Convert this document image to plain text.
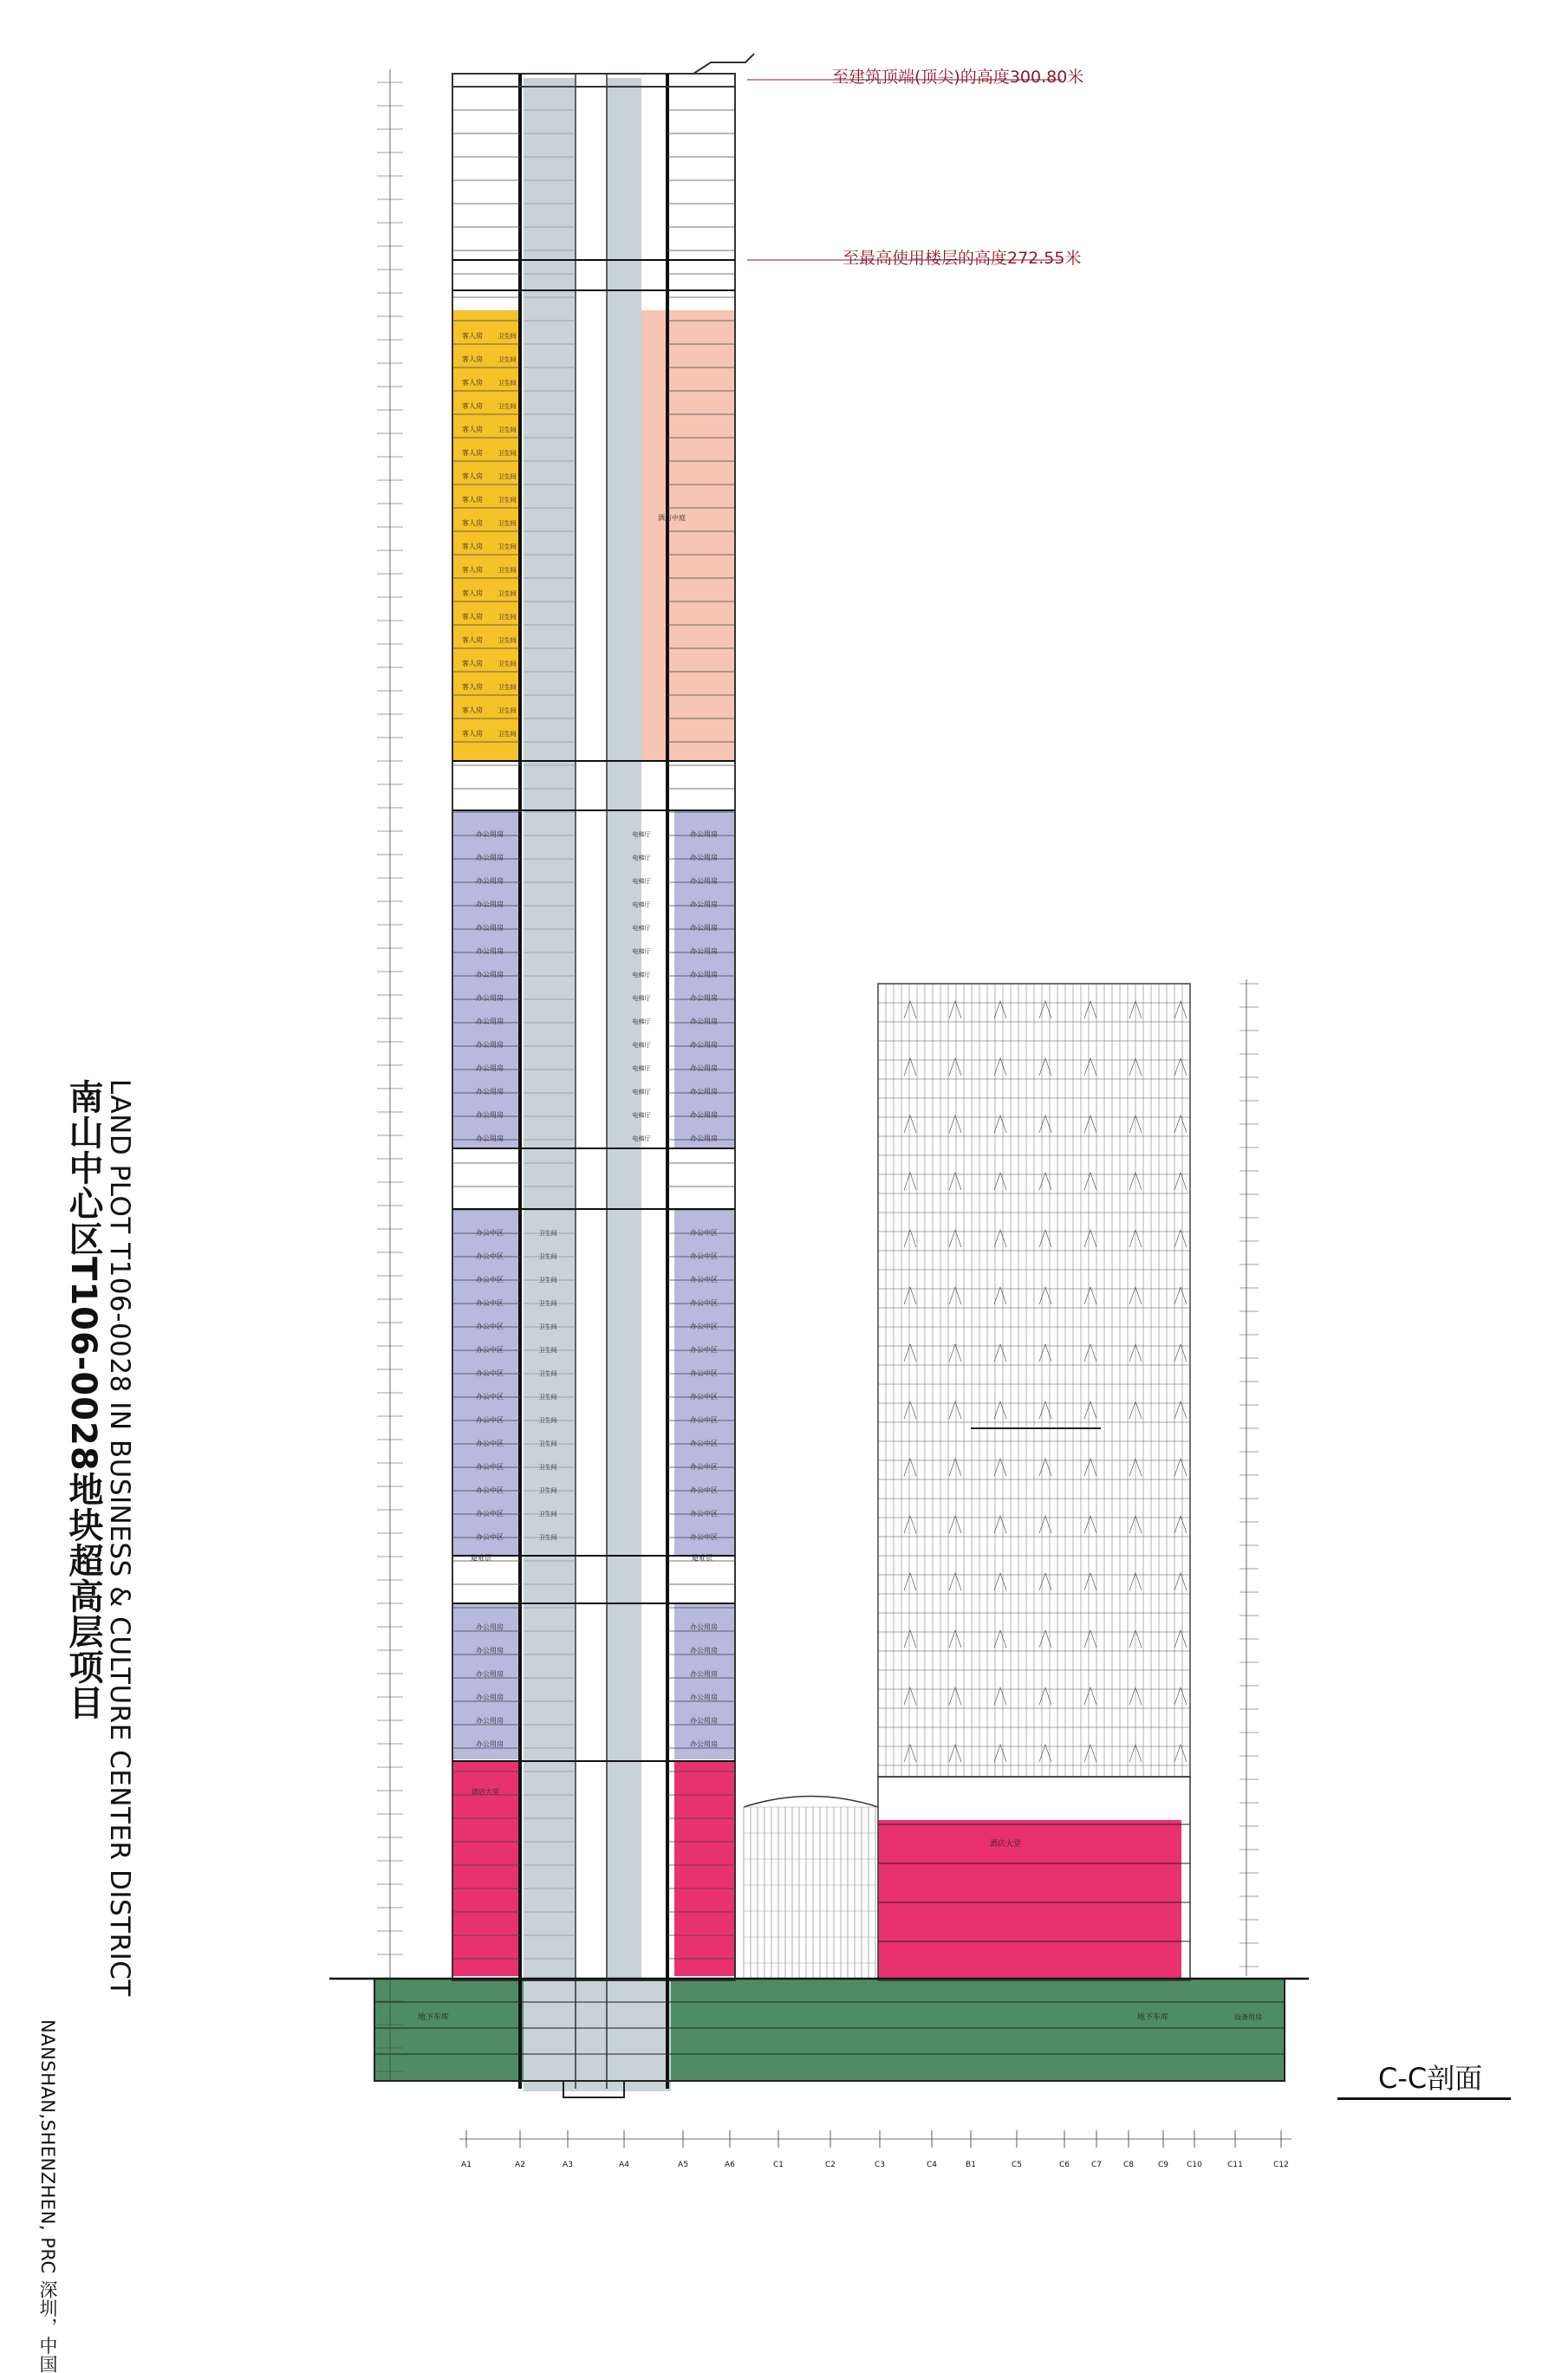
客人房	卫生间
客人房	卫生间
客人房	卫生间
客人房	卫生间
客人房	卫生间
客人房	卫生间
客人房	卫生间
客人房	卫生间
客人房	卫生间
客人房	卫生间
客人房	卫生间
客人房	卫生间
客人房	卫生间
客人房	卫生间
客人房	卫生间
客人房	卫生间
客人房	卫生间
客人房	卫生间
办公用房	办公用房
电梯厅
办公用房	办公用房
电梯厅
办公用房	办公用房
电梯厅
办公用房	办公用房
电梯厅
办公用房	办公用房
电梯厅
办公用房	办公用房
电梯厅
办公用房	办公用房
电梯厅
办公用房	办公用房
电梯厅
办公用房	办公用房
电梯厅
办公用房	办公用房
电梯厅
办公用房	办公用房
电梯厅
办公用房	办公用房
电梯厅
办公用房	办公用房
电梯厅
办公用房	办公用房
电梯厅
办公中区	办公中区
卫生间
办公中区	办公中区
卫生间
办公中区	办公中区
卫生间
办公中区	办公中区
卫生间
办公中区	办公中区
卫生间
办公中区	办公中区
卫生间
办公中区	办公中区
卫生间
办公中区	办公中区
卫生间
办公中区	办公中区
卫生间
办公中区	办公中区
卫生间
办公中区	办公中区
卫生间
办公中区	办公中区
卫生间
办公中区	办公中区
卫生间
办公中区	办公中区
卫生间
办公用房	办公用房
办公用房	办公用房
办公用房	办公用房
办公用房	办公用房
办公用房	办公用房
办公用房	办公用房
酒店中庭
酒店大堂
酒店大堂
避难层	避难层
地下车库
地下车库	设备用房
A1	A2	A3	A4	A5	A6	C1	C2	C3	C4	B1	C5	C6	C7	C8	C9 C10	C11	C12
南山中心区T106-0028地块超高层项目 LAND PLOT T106-0028 IN BUSINESS & CULTURE CENTER DISTRICT
NANSHAN,SHENZHEN, PRC 深圳，中国
至建筑顶端(顶尖)的高度300.80米
至最高使用楼层的高度272.55米
C-C剖面
